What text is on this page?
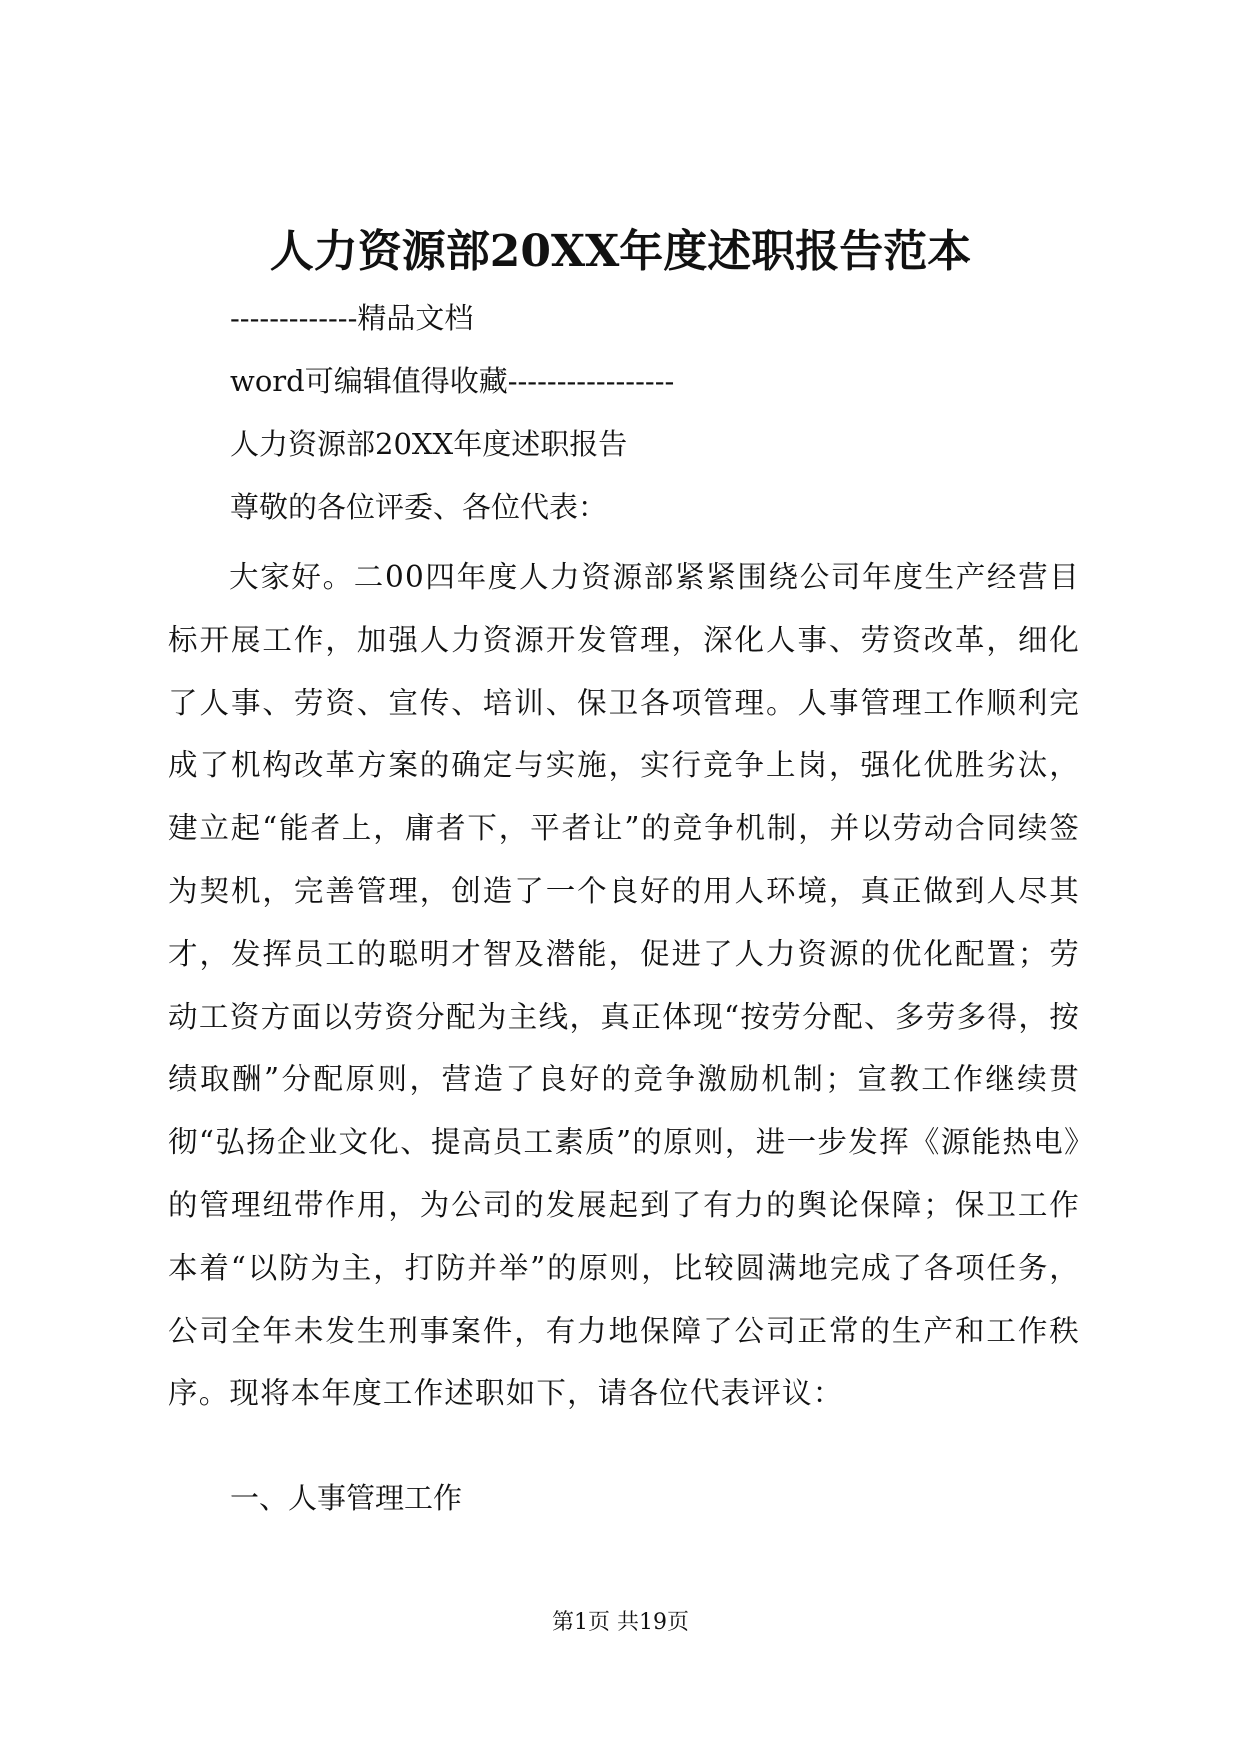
人力资源部20XX年度述职报告范本
-------------精品文档
word可编辑值得收藏-----------------
人力资源部20XX年度述职报告
尊敬的各位评委、各位代表：

大家好。二00四年度人力资源部紧紧围绕公司年度生产经营目标开展工作，加强人力资源开发管理，深化人事、劳资改革，细化了人事、劳资、宣传、培训、保卫各项管理。人事管理工作顺利完成了机构改革方案的确定与实施，实行竞争上岗，强化优胜劣汰，建立起“能者上，庸者下，平者让”的竞争机制，并以劳动合同续签为契机，完善管理，创造了一个良好的用人环境，真正做到人尽其才，发挥员工的聪明才智及潜能，促进了人力资源的优化配置；劳动工资方面以劳资分配为主线，真正体现“按劳分配、多劳多得，按绩取酬”分配原则，营造了良好的竞争激励机制；宣教工作继续贯彻“弘扬企业文化、提高员工素质”的原则，进一步发挥《源能热电》的管理纽带作用，为公司的发展起到了有力的舆论保障；保卫工作本着“以防为主，打防并举”的原则，比较圆满地完成了各项任务，公司全年未发生刑事案件，有力地保障了公司正常的生产和工作秩序。现将本年度工作述职如下，请各位代表评议：

一、人事管理工作
第1页 共19页
